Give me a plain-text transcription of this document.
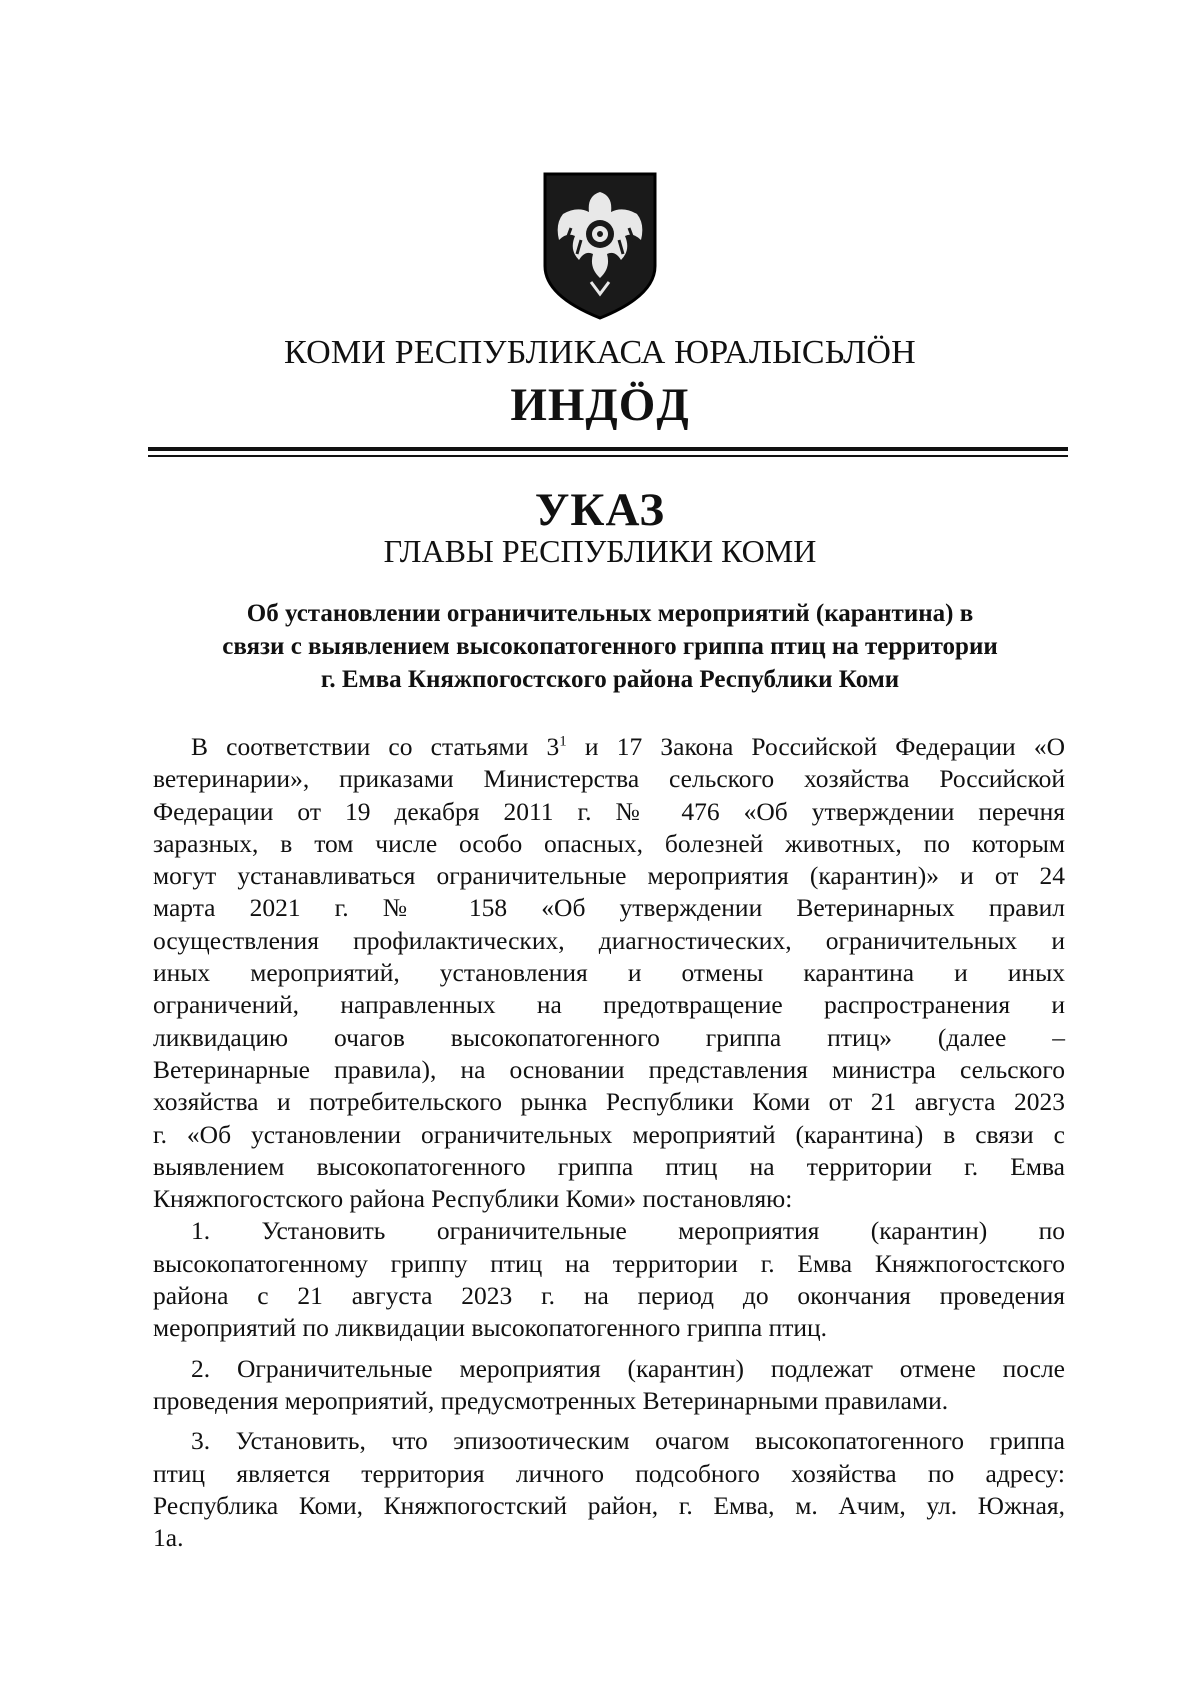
КОМИ РЕСПУБЛИКАСА ЮРАЛЫСЬЛӦН
ИНДӦД
УКАЗ
ГЛАВЫ РЕСПУБЛИКИ КОМИ
Об установлении ограничительных мероприятий (карантина) в
связи с выявлением высокопатогенного гриппа птиц на территории
г. Емва Княжпогостского района Республики Коми
В соответствии со статьями $3^1$ и 17 Закона Российской Федерации «О
ветеринарии», приказами Министерства сельского хозяйства Российской
Федерации от 19 декабря 2011 г. № 476 «Об утверждении перечня
заразных, в том числе особо опасных, болезней животных, по которым
могут устанавливаться ограничительные мероприятия (карантин)» и от 24
марта 2021 г. № 158 «Об утверждении Ветеринарных правил
осуществления профилактических, диагностических, ограничительных и
иных мероприятий, установления и отмены карантина и иных
ограничений, направленных на предотвращение распространения и
ликвидацию очагов высокопатогенного гриппа птиц» (далее –
Ветеринарные правила), на основании представления министра сельского
хозяйства и потребительского рынка Республики Коми от 21 августа 2023
г. «Об установлении ограничительных мероприятий (карантина) в связи с
выявлением высокопатогенного гриппа птиц на территории г. Емва
Княжпогостского района Республики Коми» постановляю:
1. Установить ограничительные мероприятия (карантин) по
высокопатогенному гриппу птиц на территории г. Емва Княжпогостского
района с 21 августа 2023 г. на период до окончания проведения
мероприятий по ликвидации высокопатогенного гриппа птиц.
2. Ограничительные мероприятия (карантин) подлежат отмене после
проведения мероприятий, предусмотренных Ветеринарными правилами.
3. Установить, что эпизоотическим очагом высокопатогенного гриппа
птиц является территория личного подсобного хозяйства по адресу:
Республика Коми, Княжпогостский район, г. Емва, м. Ачим, ул. Южная,
1а.
